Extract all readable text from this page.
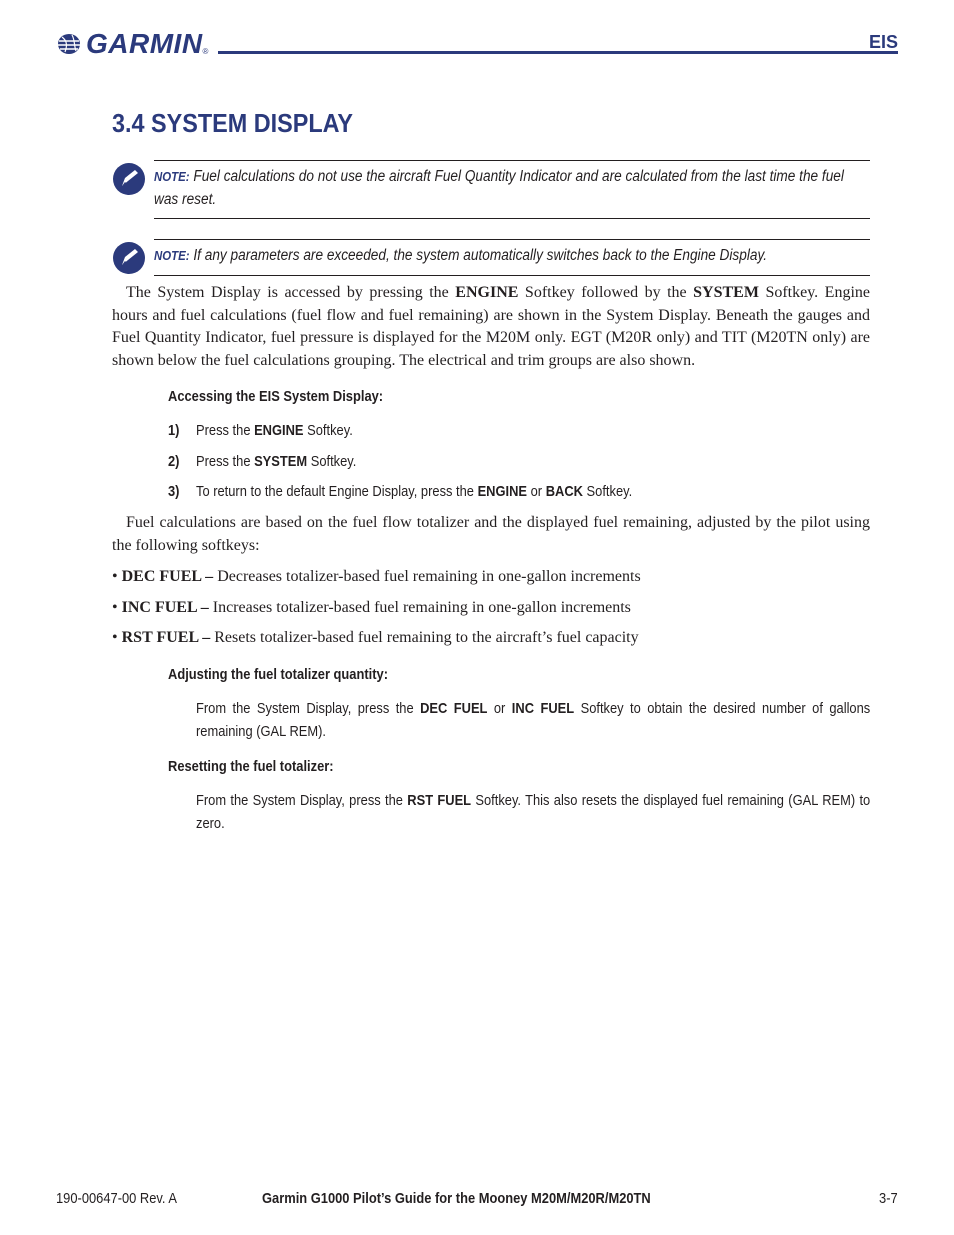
GARMIN ®	EIS
3.4 SYSTEM DISPLAY
NOTE: Fuel calculations do not use the aircraft Fuel Quantity Indicator and are calculated from the last time the fuel was reset.
NOTE: If any parameters are exceeded, the system automatically switches back to the Engine Display.
The System Display is accessed by pressing the ENGINE Softkey followed by the SYSTEM Softkey. Engine hours and fuel calculations (fuel flow and fuel remaining) are shown in the System Display. Beneath the gauges and Fuel Quantity Indicator, fuel pressure is displayed for the M20M only. EGT (M20R only) and TIT (M20TN only) are shown below the fuel calculations grouping. The electrical and trim groups are also shown.
Accessing the EIS System Display:
1) Press the ENGINE Softkey.
2) Press the SYSTEM Softkey.
3) To return to the default Engine Display, press the ENGINE or BACK Softkey.
Fuel calculations are based on the fuel flow totalizer and the displayed fuel remaining, adjusted by the pilot using the following softkeys:
• DEC FUEL – Decreases totalizer-based fuel remaining in one-gallon increments
• INC FUEL – Increases totalizer-based fuel remaining in one-gallon increments
• RST FUEL – Resets totalizer-based fuel remaining to the aircraft’s fuel capacity
Adjusting the fuel totalizer quantity:
From the System Display, press the DEC FUEL or INC FUEL Softkey to obtain the desired number of gallons remaining (GAL REM).
Resetting the fuel totalizer:
From the System Display, press the RST FUEL Softkey. This also resets the displayed fuel remaining (GAL REM) to zero.
190-00647-00 Rev. A	Garmin G1000 Pilot’s Guide for the Mooney M20M/M20R/M20TN	3-7
